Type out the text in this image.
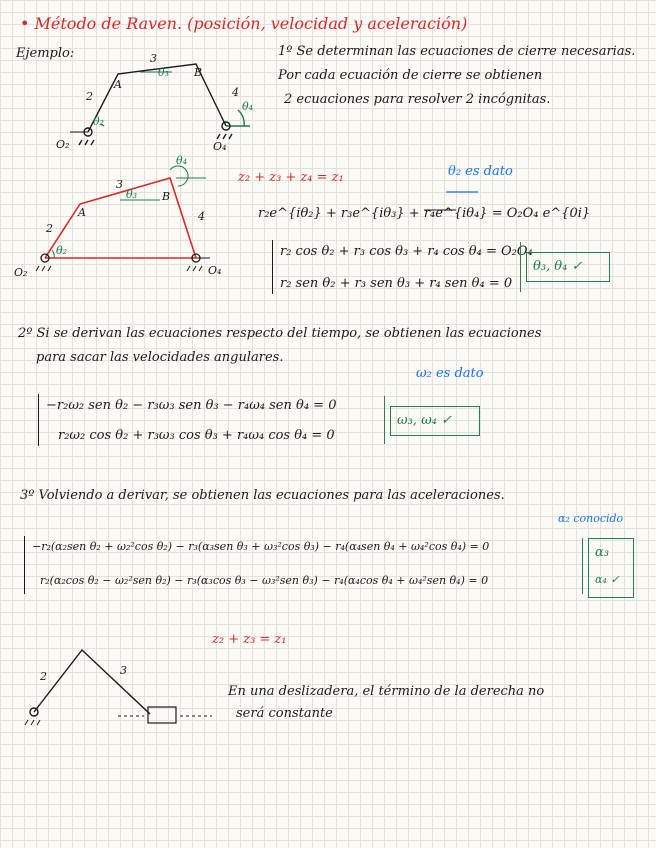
• Método de Raven. (posición, velocidad y aceleración)
Ejemplo:	1º Se determinan las ecuaciones de cierre necesarias.
Por cada ecuación de cierre se obtienen
2 ecuaciones para resolver 2 incógnitas.
2
3
4
A
B
O₂	O₄
θ₂
θ₃
θ₄
2
3
4
A
B
O₂	O₄
θ₂
θ₃
θ₄
z₂ + z₃ + z₄ = z₁	θ₂ es dato
r₂e^{iθ₂} + r₃e^{iθ₃} + r₄e^{iθ₄} = O₂O₄ e^{0i}
r₂ cos θ₂ + r₃ cos θ₃ + r₄ cos θ₄ = O₂O₄
r₂ sen θ₂ + r₃ sen θ₃ + r₄ sen θ₄ = 0
θ₃, θ₄ ✓
2º Si se derivan las ecuaciones respecto del tiempo, se obtienen las ecuaciones
para sacar las velocidades angulares.
ω₂ es dato
−r₂ω₂ sen θ₂ − r₃ω₃ sen θ₃ − r₄ω₄ sen θ₄ = 0
r₂ω₂ cos θ₂ + r₃ω₃ cos θ₃ + r₄ω₄ cos θ₄ = 0
ω₃, ω₄ ✓
3º Volviendo a derivar, se obtienen las ecuaciones para las aceleraciones.
α₂ conocido
−r₂(α₂sen θ₂ + ω₂²cos θ₂) − r₃(α₃sen θ₃ + ω₃²cos θ₃) − r₄(α₄sen θ₄ + ω₄²cos θ₄) = 0
r₂(α₂cos θ₂ − ω₂²sen θ₂) − r₃(α₃cos θ₃ − ω₃²sen θ₃) − r₄(α₄cos θ₄ + ω₄²sen θ₄) = 0
α₃
α₄ ✓
z₂ + z₃ = z₁
2	3
En una deslizadera, el término de la derecha no
será constante
